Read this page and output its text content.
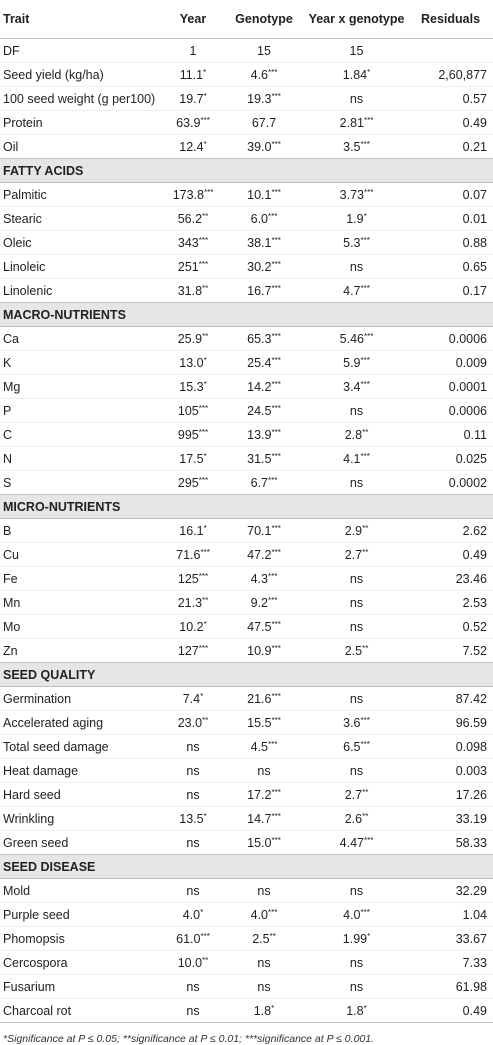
Trait	Year	Genotype	Year x genotype	Residuals
DF	1	15	15	
Seed yield (kg/ha)	11.1*	4.6***	1.84*	2,60,877
100 seed weight (g per100)	19.7*	19.3***	ns	0.57
Protein	63.9***	67.7	2.81***	0.49
Oil	12.4*	39.0***	3.5***	0.21
FATTY ACIDS				
Palmitic	173.8***	10.1***	3.73***	0.07
Stearic	56.2**	6.0***	1.9*	0.01
Oleic	343***	38.1***	5.3***	0.88
Linoleic	251***	30.2***	ns	0.65
Linolenic	31.8**	16.7***	4.7***	0.17
MACRO-NUTRIENTS				
Ca	25.9**	65.3***	5.46***	0.0006
K	13.0*	25.4***	5.9***	0.009
Mg	15.3*	14.2***	3.4***	0.0001
P	105***	24.5***	ns	0.0006
C	995***	13.9***	2.8**	0.11
N	17.5*	31.5***	4.1***	0.025
S	295***	6.7***	ns	0.0002
MICRO-NUTRIENTS				
B	16.1*	70.1***	2.9**	2.62
Cu	71.6***	47.2***	2.7**	0.49
Fe	125***	4.3***	ns	23.46
Mn	21.3**	9.2***	ns	2.53
Mo	10.2*	47.5***	ns	0.52
Zn	127***	10.9***	2.5**	7.52
SEED QUALITY				
Germination	7.4*	21.6***	ns	87.42
Accelerated aging	23.0**	15.5***	3.6***	96.59
Total seed damage	ns	4.5***	6.5***	0.098
Heat damage	ns	ns	ns	0.003
Hard seed	ns	17.2***	2.7**	17.26
Wrinkling	13.5*	14.7***	2.6**	33.19
Green seed	ns	15.0***	4.47***	58.33
SEED DISEASE				
Mold	ns	ns	ns	32.29
Purple seed	4.0*	4.0***	4.0***	1.04
Phomopsis	61.0***	2.5**	1.99*	33.67
Cercospora	10.0**	ns	ns	7.33
Fusarium	ns	ns	ns	61.98
Charcoal rot	ns	1.8*	1.8*	0.49
*Significance at P ≤ 0.05; **significance at P ≤ 0.01; ***significance at P ≤ 0.001.
